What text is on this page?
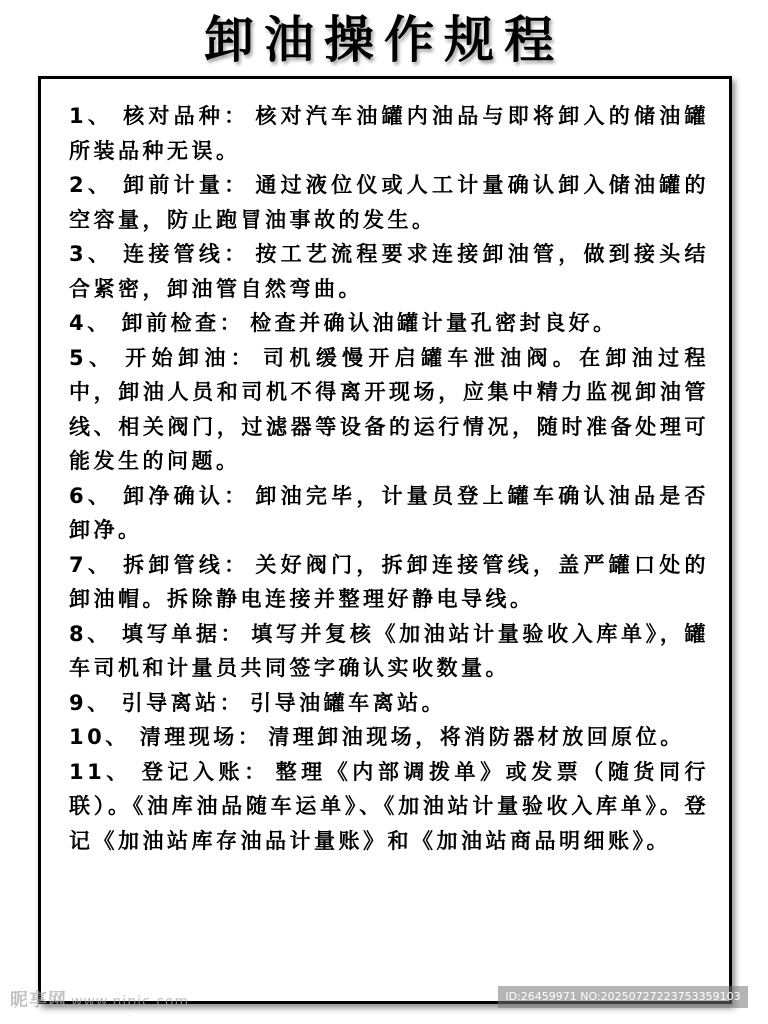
卸油操作规程
1、 核对品种： 核对汽车油罐内油品与即将卸入的储油罐所装品种无误。
2、 卸前计量： 通过液位仪或人工计量确认卸入储油罐的空容量，防止跑冒油事故的发生。
3、 连接管线： 按工艺流程要求连接卸油管，做到接头结合紧密，卸油管自然弯曲。
4、 卸前检查： 检查并确认油罐计量孔密封良好。
5、 开始卸油： 司机缓慢开启罐车泄油阀。在卸油过程中，卸油人员和司机不得离开现场，应集中精力监视卸油管线、相关阀门，过滤器等设备的运行情况，随时准备处理可能发生的问题。
6、 卸净确认： 卸油完毕，计量员登上罐车确认油品是否卸净。
7、 拆卸管线： 关好阀门，拆卸连接管线，盖严罐口处的卸油帽。拆除静电连接并整理好静电导线。
8、 填写单据： 填写并复核《加油站计量验收入库单》，罐车司机和计量员共同签字确认实收数量。
9、 引导离站： 引导油罐车离站。
10、 清理现场： 清理卸油现场，将消防器材放回原位。
11、 登记入账： 整理《内部调拨单》或发票（随货同行联）。《油库油品随车运单》、《加油站计量验收入库单》。登记《加油站库存油品计量账》和《加油站商品明细账》。
昵享网 www.nipic.com	ID:26459971 NO:20250727223753359103
